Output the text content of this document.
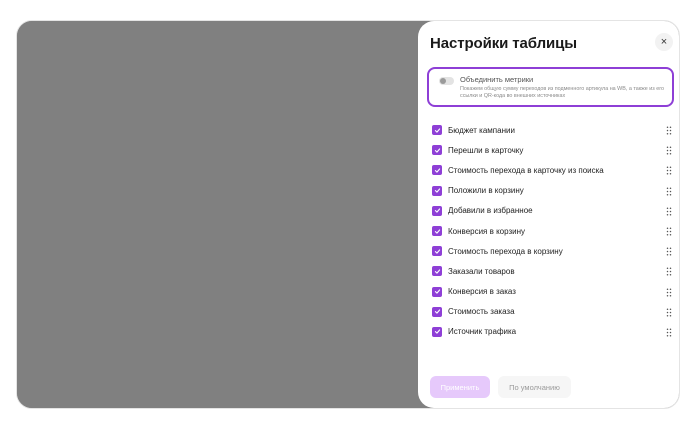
Настройки таблицы	×
Объединить метрики
Покажем общую сумму переходов из подменного артикула на WB, а также из его ссылки и QR-кода во внешних источниках
Бюджет кампании
Перешли в карточку
Стоимость перехода в карточку из поиска
Положили в корзину
Добавили в избранное
Конверсия в корзину
Стоимость перехода в корзину
Заказали товаров
Конверсия в заказ
Стоимость заказа
Источник трафика
Применить	По умолчанию
